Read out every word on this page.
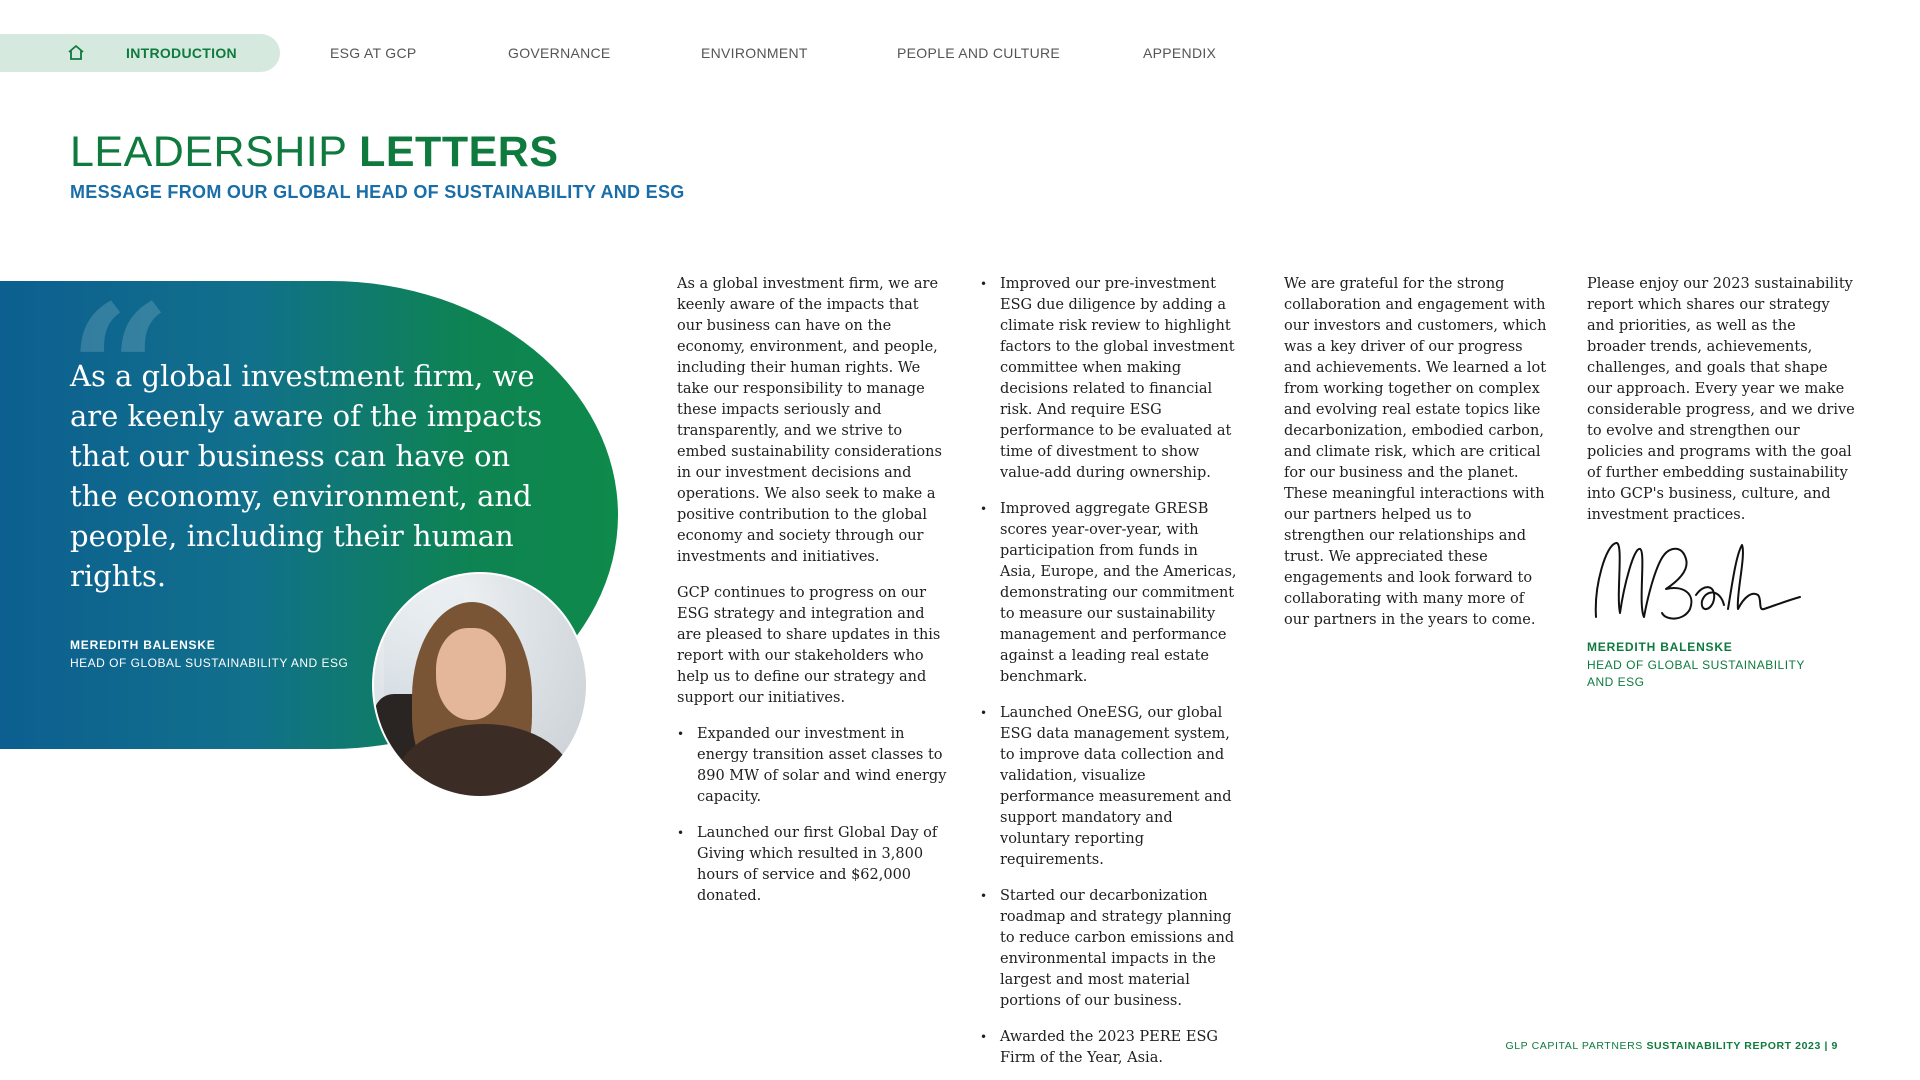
INTRODUCTION	ESG AT GCP	GOVERNANCE	ENVIRONMENT	PEOPLE AND CULTURE	APPENDIX
LEADERSHIP LETTERS
MESSAGE FROM OUR GLOBAL HEAD OF SUSTAINABILITY AND ESG
“
As a global investment firm, we are keenly aware of the impacts that our business can have on the economy, environment, and people, including their human rights.
MEREDITH BALENSKE
HEAD OF GLOBAL SUSTAINABILITY AND ESG

As a global investment firm, we are keenly aware of the impacts that our business can have on the economy, environment, and people, including their human rights. We take our responsibility to manage these impacts seriously and transparently, and we strive to embed sustainability considerations in our investment decisions and operations. We also seek to make a positive contribution to the global economy and society through our investments and initiatives.

GCP continues to progress on our ESG strategy and integration and are pleased to share updates in this report with our stakeholders who help us to define our strategy and support our initiatives.

• Expanded our investment in energy transition asset classes to 890 MW of solar and wind energy capacity.
• Launched our first Global Day of Giving which resulted in 3,800 hours of service and $62,000 donated.
• Improved our pre-investment ESG due diligence by adding a climate risk review to highlight factors to the global investment committee when making decisions related to financial risk. And require ESG performance to be evaluated at time of divestment to show value-add during ownership.
• Improved aggregate GRESB scores year-over-year, with participation from funds in Asia, Europe, and the Americas, demonstrating our commitment to measure our sustainability management and performance against a leading real estate benchmark.
• Launched OneESG, our global ESG data management system, to improve data collection and validation, visualize performance measurement and support mandatory and voluntary reporting requirements.
• Started our decarbonization roadmap and strategy planning to reduce carbon emissions and environmental impacts in the largest and most material portions of our business.
• Awarded the 2023 PERE ESG Firm of the Year, Asia.

We are grateful for the strong collaboration and engagement with our investors and customers, which was a key driver of our progress and achievements. We learned a lot from working together on complex and evolving real estate topics like decarbonization, embodied carbon, and climate risk, which are critical for our business and the planet. These meaningful interactions with our partners helped us to strengthen our relationships and trust. We appreciated these engagements and look forward to collaborating with many more of our partners in the years to come.

Please enjoy our 2023 sustainability report which shares our strategy and priorities, as well as the broader trends, achievements, challenges, and goals that shape our approach. Every year we make considerable progress, and we drive to evolve and strengthen our policies and programs with the goal of further embedding sustainability into GCP's business, culture, and investment practices.

MEREDITH BALENSKE
HEAD OF GLOBAL SUSTAINABILITY AND ESG
GLP CAPITAL PARTNERS SUSTAINABILITY REPORT 2023 | 9
